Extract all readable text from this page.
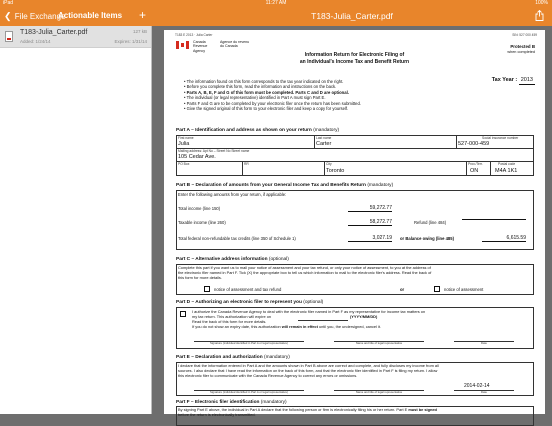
iPad	11:27 AM	100%
❮ File Exchange
Actionable Items +
T183-Julia_Carter.pdf	127 kB
Added: 1/24/14	Expires: 1/31/14
T183-Julia_Carter.pdf
T183 E 2013 · Julia Carter	SIN: 527 000 459
Canada Revenue Agency
Agence du revenu du Canada	Protected B
when completed
Information Return for Electronic Filing of
an Individual's Income Tax and Benefit Return
• The information found on this form corresponds to the tax year indicated on the right.
• Before you complete this form, read the information and instructions on the back.
• Parts A, B, E, F and G of this form must be completed. Parts C and D are optional.
• The individual (or legal representative) identified in Part A must sign Part E.
• Parts F and G are to be completed by your electronic filer once the return has been submitted.
• Give the signed original of this form to your electronic filer and keep a copy for yourself.
Tax Year : 2013
Part A – Identification and address as shown on your return (mandatory)
First name
Julia
Last name
Carter
Social insurance number
527-000-459
Mailing address: Apt No – Street No Street name
105 Cedar Ave.
PO Box	RR	City
Toronto
Prov./Terr.
ON
Postal code
M4A 1K1
Part B – Declaration of amounts from your General Income Tax and Benefits Return (mandatory)
Enter the following amounts from your return, if applicable:
Total income (line 150)	59,272.77
Taxable income (line 260)	58,272.77	Refund (line 484)
Total federal non-refundable tax credits (line 350 of Schedule 1)	3,027.19 or Balance owing (line 485)	6,615.59
Part C – Alternative address information (optional)
Complete this part if you want us to mail your notice of assessment and your tax refund, or only your notice of assessment, to you at the address of
the electronic filer named in Part F. Tick (X) the appropriate box to tell us which information to mail to the electronic filer's address. Read the back of
this form for more details.
notice of assessment and tax refund	or	notice of assessment
Part D – Authorizing an electronic filer to represent you (optional)
I authorize the Canada Revenue Agency to deal with the electronic filer named in Part F as my representative for income tax matters on
my tax return. This authorization will expire on	(YYYY/MM/DD)
Read the back of this form for more details.
If you do not show an expiry date, this authorization will remain in effect until you, the undersigned, cancel it.
Signature (individual identified in Part A or legal representative)	Name and title of legal representative	Date
Part E – Declaration and authorization (mandatory)
I declare that the information entered in Part A and the amounts shown in Part B above are correct and complete, and fully discloses my income from all
sources. I also declare that I have read the information on the back of this form, and that the electronic filer identified in Part F is filing my return. I allow
this electronic filer to communicate with the Canada Revenue Agency to correct any errors or omissions.
2014-02-14
Signature (individual identified in Part A or legal representative)	Name and title of legal representative	Date
Part F – Electronic filer identification (mandatory)
By signing Part E above, the individual in Part A declare that the following person or firm is electronically filing his or her return. Part E must be signed
before the return is electronically transmitted.
